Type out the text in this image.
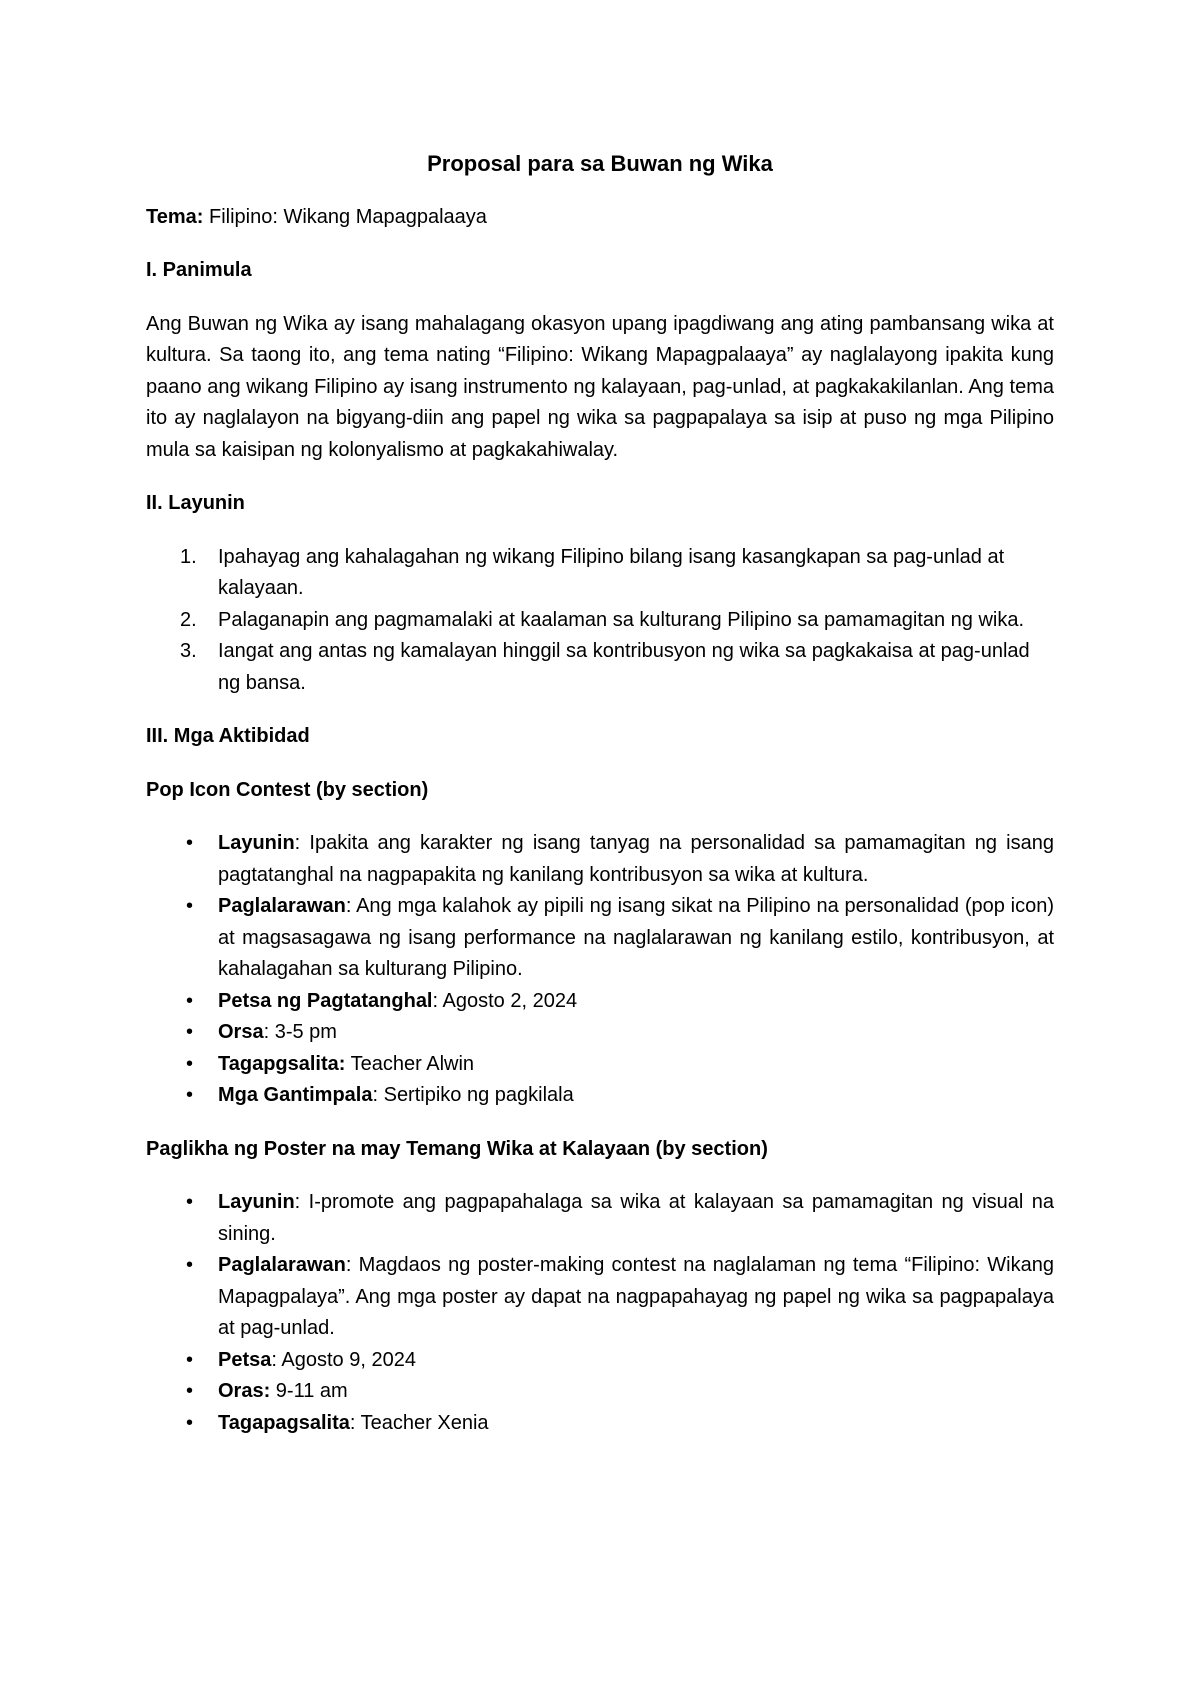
Proposal para sa Buwan ng Wika
Tema: Filipino: Wikang Mapagpalaaya
I. Panimula

Ang Buwan ng Wika ay isang mahalagang okasyon upang ipagdiwang ang ating pambansang wika at kultura. Sa taong ito, ang tema nating “Filipino: Wikang Mapagpalaaya” ay naglalayong ipakita kung paano ang wikang Filipino ay isang instrumento ng kalayaan, pag-unlad, at pagkakakilanlan. Ang tema ito ay naglalayon na bigyang-diin ang papel ng wika sa pagpapalaya sa isip at puso ng mga Pilipino mula sa kaisipan ng kolonyalismo at pagkakahiwalay.

II. Layunin
1. Ipahayag ang kahalagahan ng wikang Filipino bilang isang kasangkapan sa pag-unlad at kalayaan.
2. Palaganapin ang pagmamalaki at kaalaman sa kulturang Pilipino sa pamamagitan ng wika.
3. Iangat ang antas ng kamalayan hinggil sa kontribusyon ng wika sa pagkakaisa at pag-unlad ng bansa.
III. Mga Aktibidad
Pop Icon Contest (by section)
• Layunin: Ipakita ang karakter ng isang tanyag na personalidad sa pamamagitan ng isang pagtatanghal na nagpapakita ng kanilang kontribusyon sa wika at kultura.
• Paglalarawan: Ang mga kalahok ay pipili ng isang sikat na Pilipino na personalidad (pop icon) at magsasagawa ng isang performance na naglalarawan ng kanilang estilo, kontribusyon, at kahalagahan sa kulturang Pilipino.
• Petsa ng Pagtatanghal: Agosto 2, 2024
• Orsa: 3-5 pm
• Tagapgsalita: Teacher Alwin
• Mga Gantimpala: Sertipiko ng pagkilala
Paglikha ng Poster na may Temang Wika at Kalayaan (by section)
• Layunin: I-promote ang pagpapahalaga sa wika at kalayaan sa pamamagitan ng visual na sining.
• Paglalarawan: Magdaos ng poster-making contest na naglalaman ng tema “Filipino: Wikang Mapagpalaya”. Ang mga poster ay dapat na nagpapahayag ng papel ng wika sa pagpapalaya at pag-unlad.
• Petsa: Agosto 9, 2024
• Oras: 9-11 am
• Tagapagsalita: Teacher Xenia
